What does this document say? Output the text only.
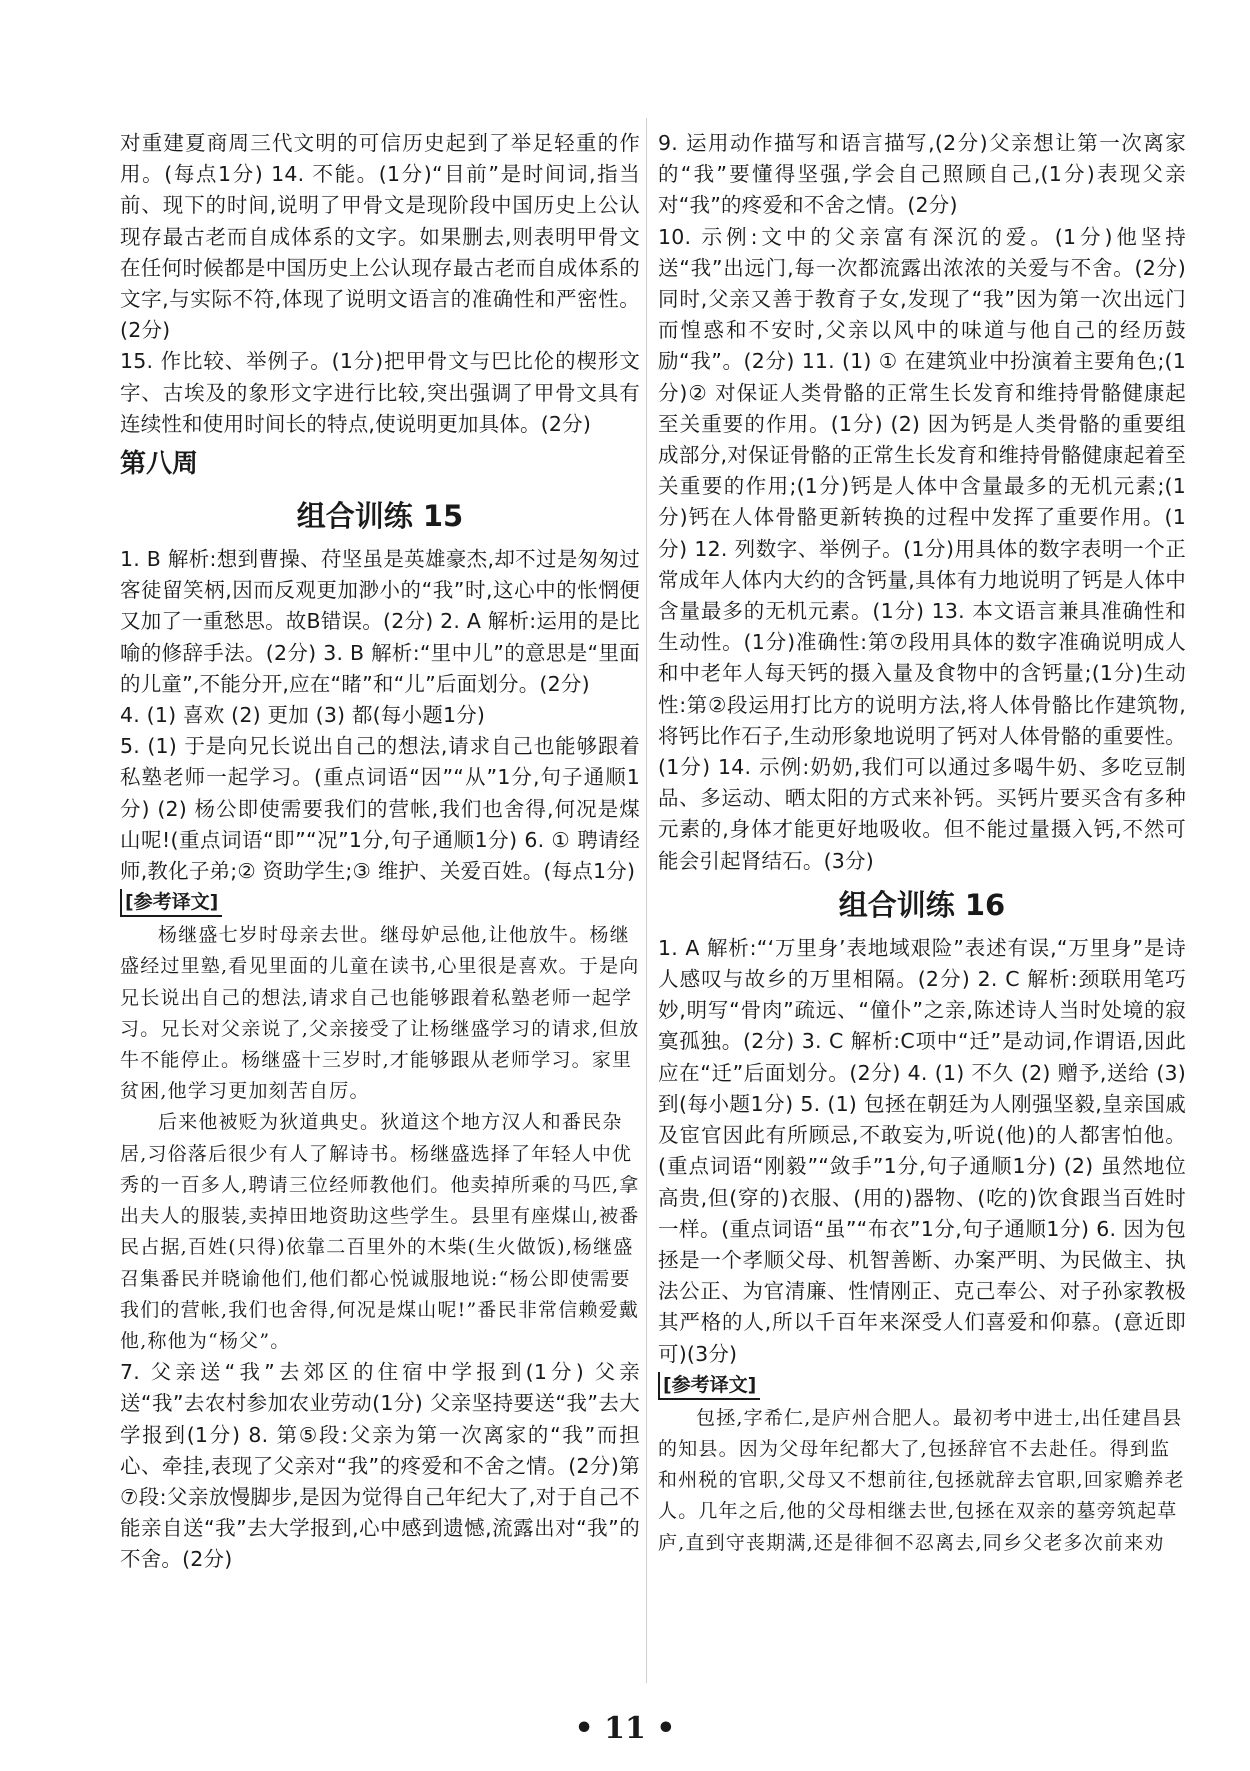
对重建夏商周三代文明的可信历史起到了举足轻重的作用。(每点1分) 14. 不能。(1分)“目前”是时间词,指当前、现下的时间,说明了甲骨文是现阶段中国历史上公认现存最古老而自成体系的文字。如果删去,则表明甲骨文在任何时候都是中国历史上公认现存最古老而自成体系的文字,与实际不符,体现了说明文语言的准确性和严密性。(2分)

15. 作比较、举例子。(1分)把甲骨文与巴比伦的楔形文字、古埃及的象形文字进行比较,突出强调了甲骨文具有连续性和使用时间长的特点,使说明更加具体。(2分)

第八周

组合训练 15

1. B 解析:想到曹操、苻坚虽是英雄豪杰,却不过是匆匆过客徒留笑柄,因而反观更加渺小的“我”时,这心中的怅惘便又加了一重愁思。故B错误。(2分) 2. A 解析:运用的是比喻的修辞手法。(2分) 3. B 解析:“里中儿”的意思是“里面的儿童”,不能分开,应在“睹”和“儿”后面划分。(2分)

4. (1) 喜欢 (2) 更加 (3) 都(每小题1分)

5. (1) 于是向兄长说出自己的想法,请求自己也能够跟着私塾老师一起学习。(重点词语“因”“从”1分,句子通顺1分) (2) 杨公即使需要我们的营帐,我们也舍得,何况是煤山呢!(重点词语“即”“况”1分,句子通顺1分) 6. ① 聘请经师,教化子弟;② 资助学生;③ 维护、关爱百姓。(每点1分)

[参考译文]

杨继盛七岁时母亲去世。继母妒忌他,让他放牛。杨继盛经过里塾,看见里面的儿童在读书,心里很是喜欢。于是向兄长说出自己的想法,请求自己也能够跟着私塾老师一起学习。兄长对父亲说了,父亲接受了让杨继盛学习的请求,但放牛不能停止。杨继盛十三岁时,才能够跟从老师学习。家里贫困,他学习更加刻苦自厉。

后来他被贬为狄道典史。狄道这个地方汉人和番民杂居,习俗落后很少有人了解诗书。杨继盛选择了年轻人中优秀的一百多人,聘请三位经师教他们。他卖掉所乘的马匹,拿出夫人的服装,卖掉田地资助这些学生。县里有座煤山,被番民占据,百姓(只得)依靠二百里外的木柴(生火做饭),杨继盛召集番民并晓谕他们,他们都心悦诚服地说:“杨公即使需要我们的营帐,我们也舍得,何况是煤山呢!”番民非常信赖爱戴他,称他为“杨父”。

7. 父亲送“我”去郊区的住宿中学报到(1分) 父亲送“我”去农村参加农业劳动(1分) 父亲坚持要送“我”去大学报到(1分) 8. 第⑤段:父亲为第一次离家的“我”而担心、牵挂,表现了父亲对“我”的疼爱和不舍之情。(2分)第⑦段:父亲放慢脚步,是因为觉得自己年纪大了,对于自己不能亲自送“我”去大学报到,心中感到遗憾,流露出对“我”的不舍。(2分)

9. 运用动作描写和语言描写,(2分)父亲想让第一次离家的“我”要懂得坚强,学会自己照顾自己,(1分)表现父亲对“我”的疼爱和不舍之情。(2分)

10. 示例:文中的父亲富有深沉的爱。(1分)他坚持送“我”出远门,每一次都流露出浓浓的关爱与不舍。(2分)同时,父亲又善于教育子女,发现了“我”因为第一次出远门而惶惑和不安时,父亲以风中的味道与他自己的经历鼓励“我”。(2分) 11. (1) ① 在建筑业中扮演着主要角色;(1分)② 对保证人类骨骼的正常生长发育和维持骨骼健康起至关重要的作用。(1分) (2) 因为钙是人类骨骼的重要组成部分,对保证骨骼的正常生长发育和维持骨骼健康起着至关重要的作用;(1分)钙是人体中含量最多的无机元素;(1分)钙在人体骨骼更新转换的过程中发挥了重要作用。(1分) 12. 列数字、举例子。(1分)用具体的数字表明一个正常成年人体内大约的含钙量,具体有力地说明了钙是人体中含量最多的无机元素。(1分) 13. 本文语言兼具准确性和生动性。(1分)准确性:第⑦段用具体的数字准确说明成人和中老年人每天钙的摄入量及食物中的含钙量;(1分)生动性:第②段运用打比方的说明方法,将人体骨骼比作建筑物,将钙比作石子,生动形象地说明了钙对人体骨骼的重要性。(1分) 14. 示例:奶奶,我们可以通过多喝牛奶、多吃豆制品、多运动、晒太阳的方式来补钙。买钙片要买含有多种元素的,身体才能更好地吸收。但不能过量摄入钙,不然可能会引起肾结石。(3分)

组合训练 16

1. A 解析:“‘万里身’表地域艰险”表述有误,“万里身”是诗人感叹与故乡的万里相隔。(2分) 2. C 解析:颈联用笔巧妙,明写“骨肉”疏远、“僮仆”之亲,陈述诗人当时处境的寂寞孤独。(2分) 3. C 解析:C项中“迁”是动词,作谓语,因此应在“迁”后面划分。(2分) 4. (1) 不久 (2) 赠予,送给 (3) 到(每小题1分) 5. (1) 包拯在朝廷为人刚强坚毅,皇亲国戚及宦官因此有所顾忌,不敢妄为,听说(他)的人都害怕他。(重点词语“刚毅”“敛手”1分,句子通顺1分) (2) 虽然地位高贵,但(穿的)衣服、(用的)器物、(吃的)饮食跟当百姓时一样。(重点词语“虽”“布衣”1分,句子通顺1分) 6. 因为包拯是一个孝顺父母、机智善断、办案严明、为民做主、执法公正、为官清廉、性情刚正、克己奉公、对子孙家教极其严格的人,所以千百年来深受人们喜爱和仰慕。(意近即可)(3分)

[参考译文]

包拯,字希仁,是庐州合肥人。最初考中进士,出任建昌县的知县。因为父母年纪都大了,包拯辞官不去赴任。得到监和州税的官职,父母又不想前往,包拯就辞去官职,回家赡养老人。几年之后,他的父母相继去世,包拯在双亲的墓旁筑起草庐,直到守丧期满,还是徘徊不忍离去,同乡父老多次前来劝

• 11 •
